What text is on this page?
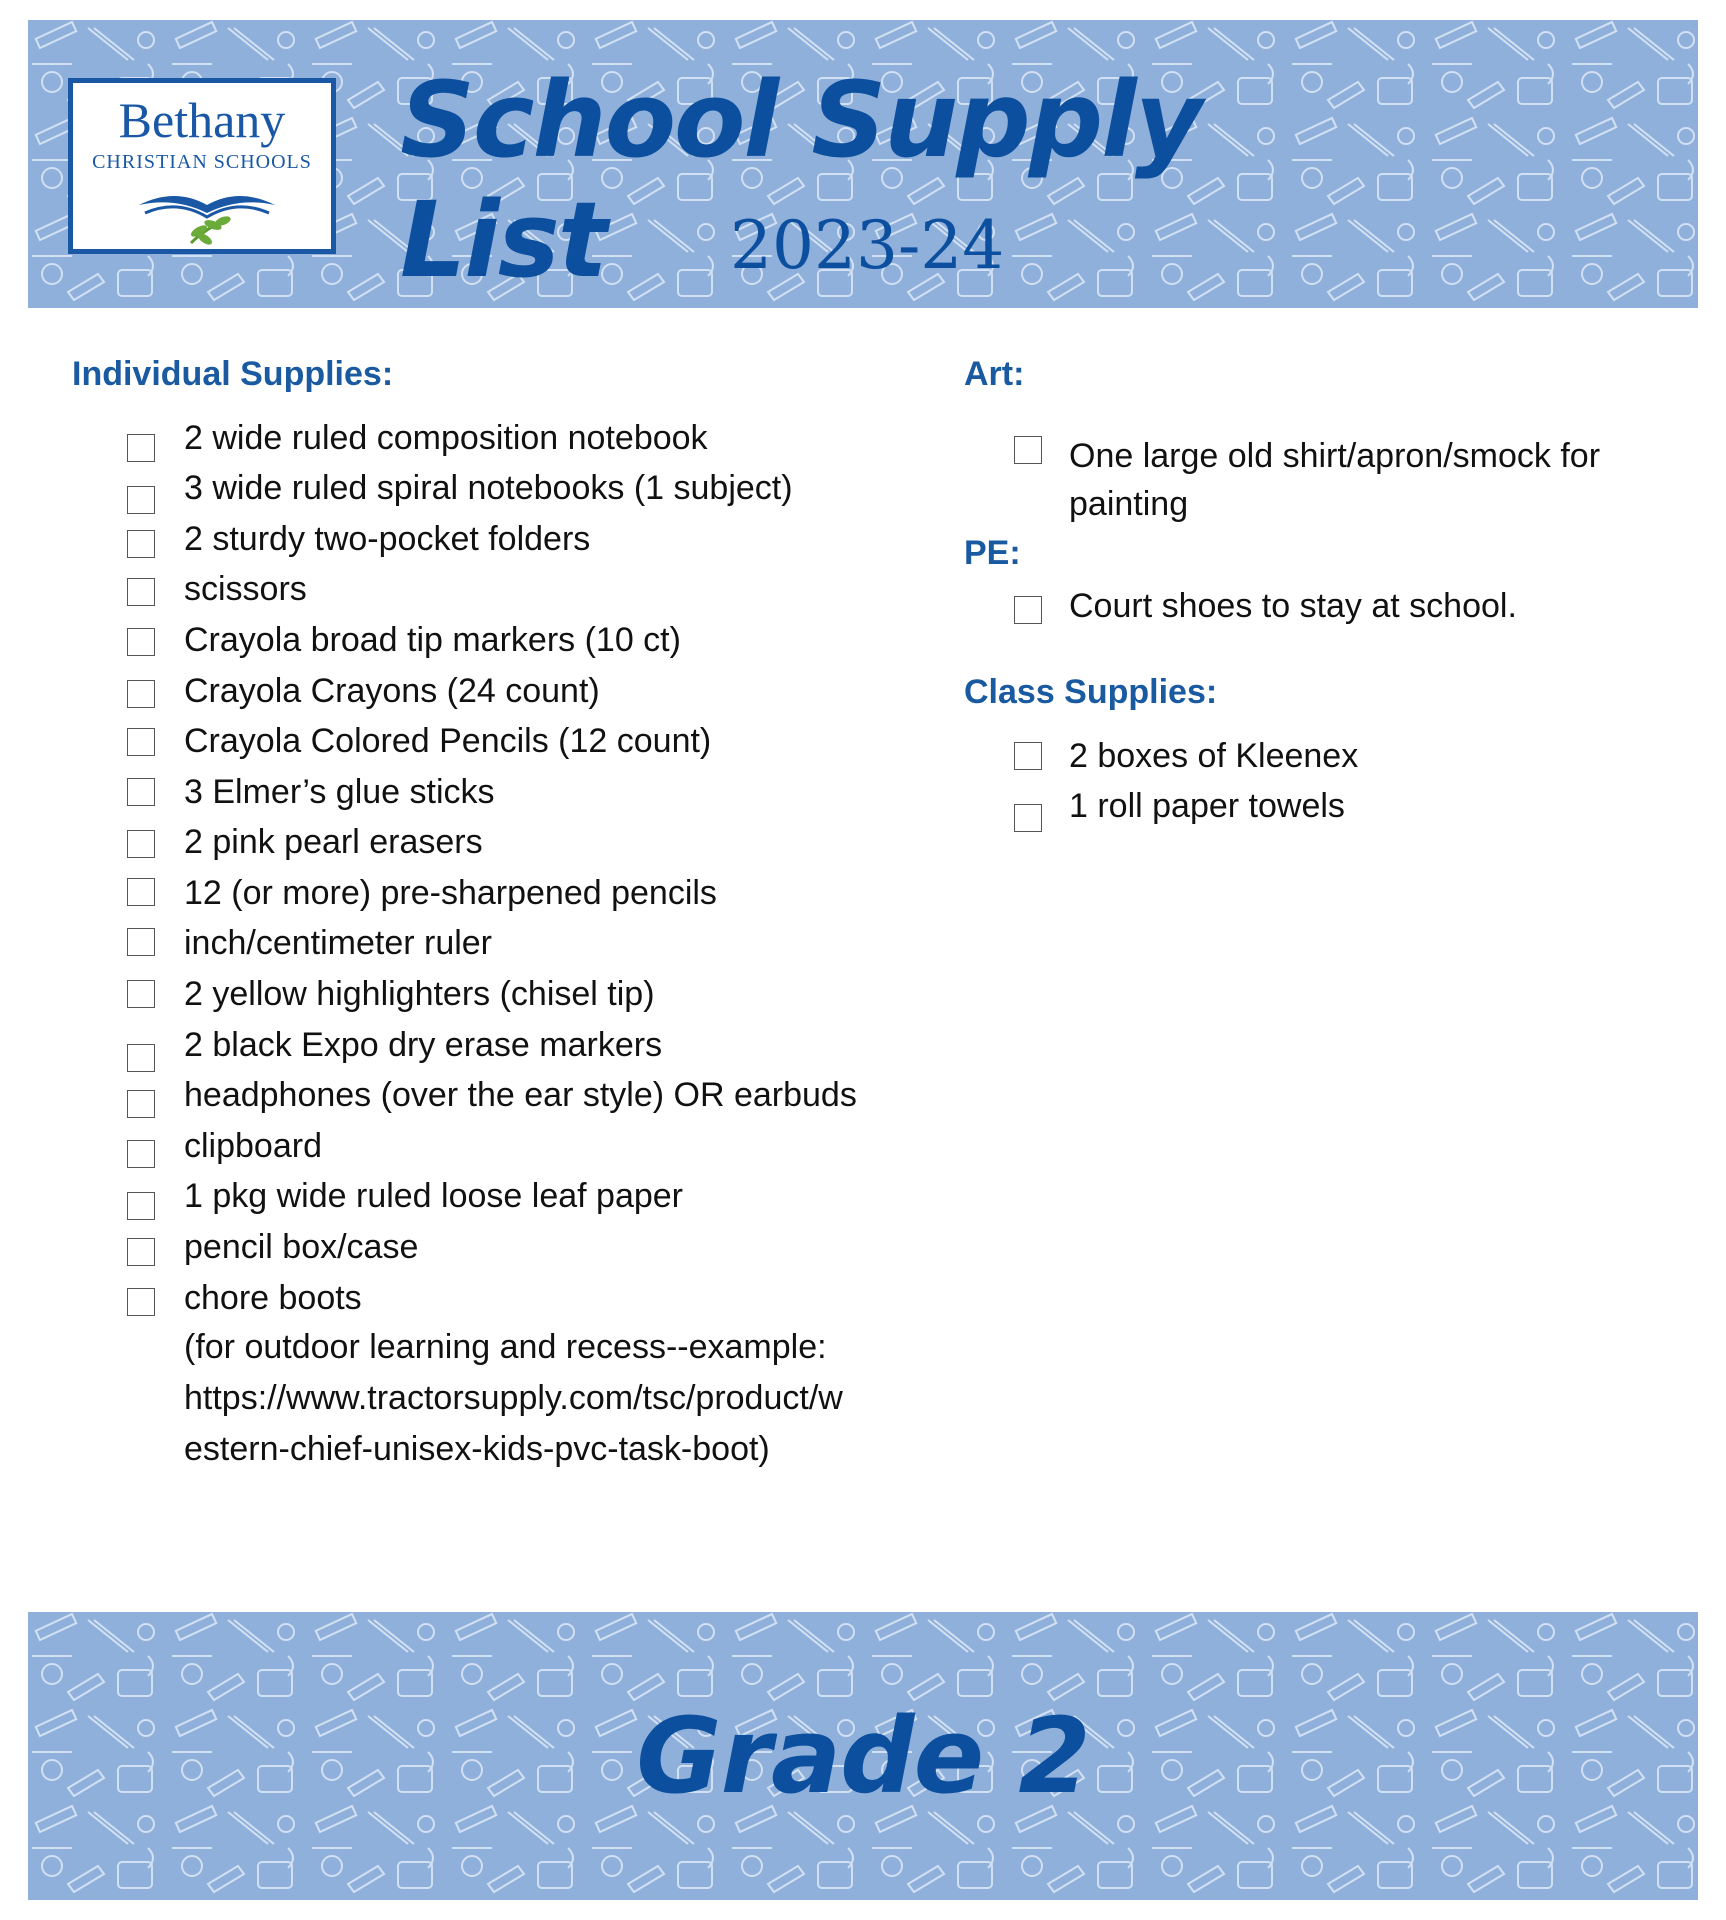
Bethany
CHRISTIAN SCHOOLS School Supply List	2023-24
Individual Supplies:
2 wide ruled composition notebook
3 wide ruled spiral notebooks (1 subject)
2 sturdy two-pocket folders
scissors
Crayola broad tip markers (10 ct)
Crayola Crayons (24 count)
Crayola Colored Pencils (12 count)
3 Elmer’s glue sticks
2 pink pearl erasers
12 (or more) pre-sharpened pencils
inch/centimeter ruler
2 yellow highlighters (chisel tip)
2 black Expo dry erase markers
headphones (over the ear style) OR earbuds
clipboard
1 pkg wide ruled loose leaf paper
pencil box/case
chore boots
(for outdoor learning and recess--example:
https://www.tractorsupply.com/tsc/product/w
estern-chief-unisex-kids-pvc-task-boot)
Art:
One large old shirt/apron/smock for
painting
PE:
Court shoes to stay at school.
Class Supplies:
2 boxes of Kleenex
1 roll paper towels
Grade 2
